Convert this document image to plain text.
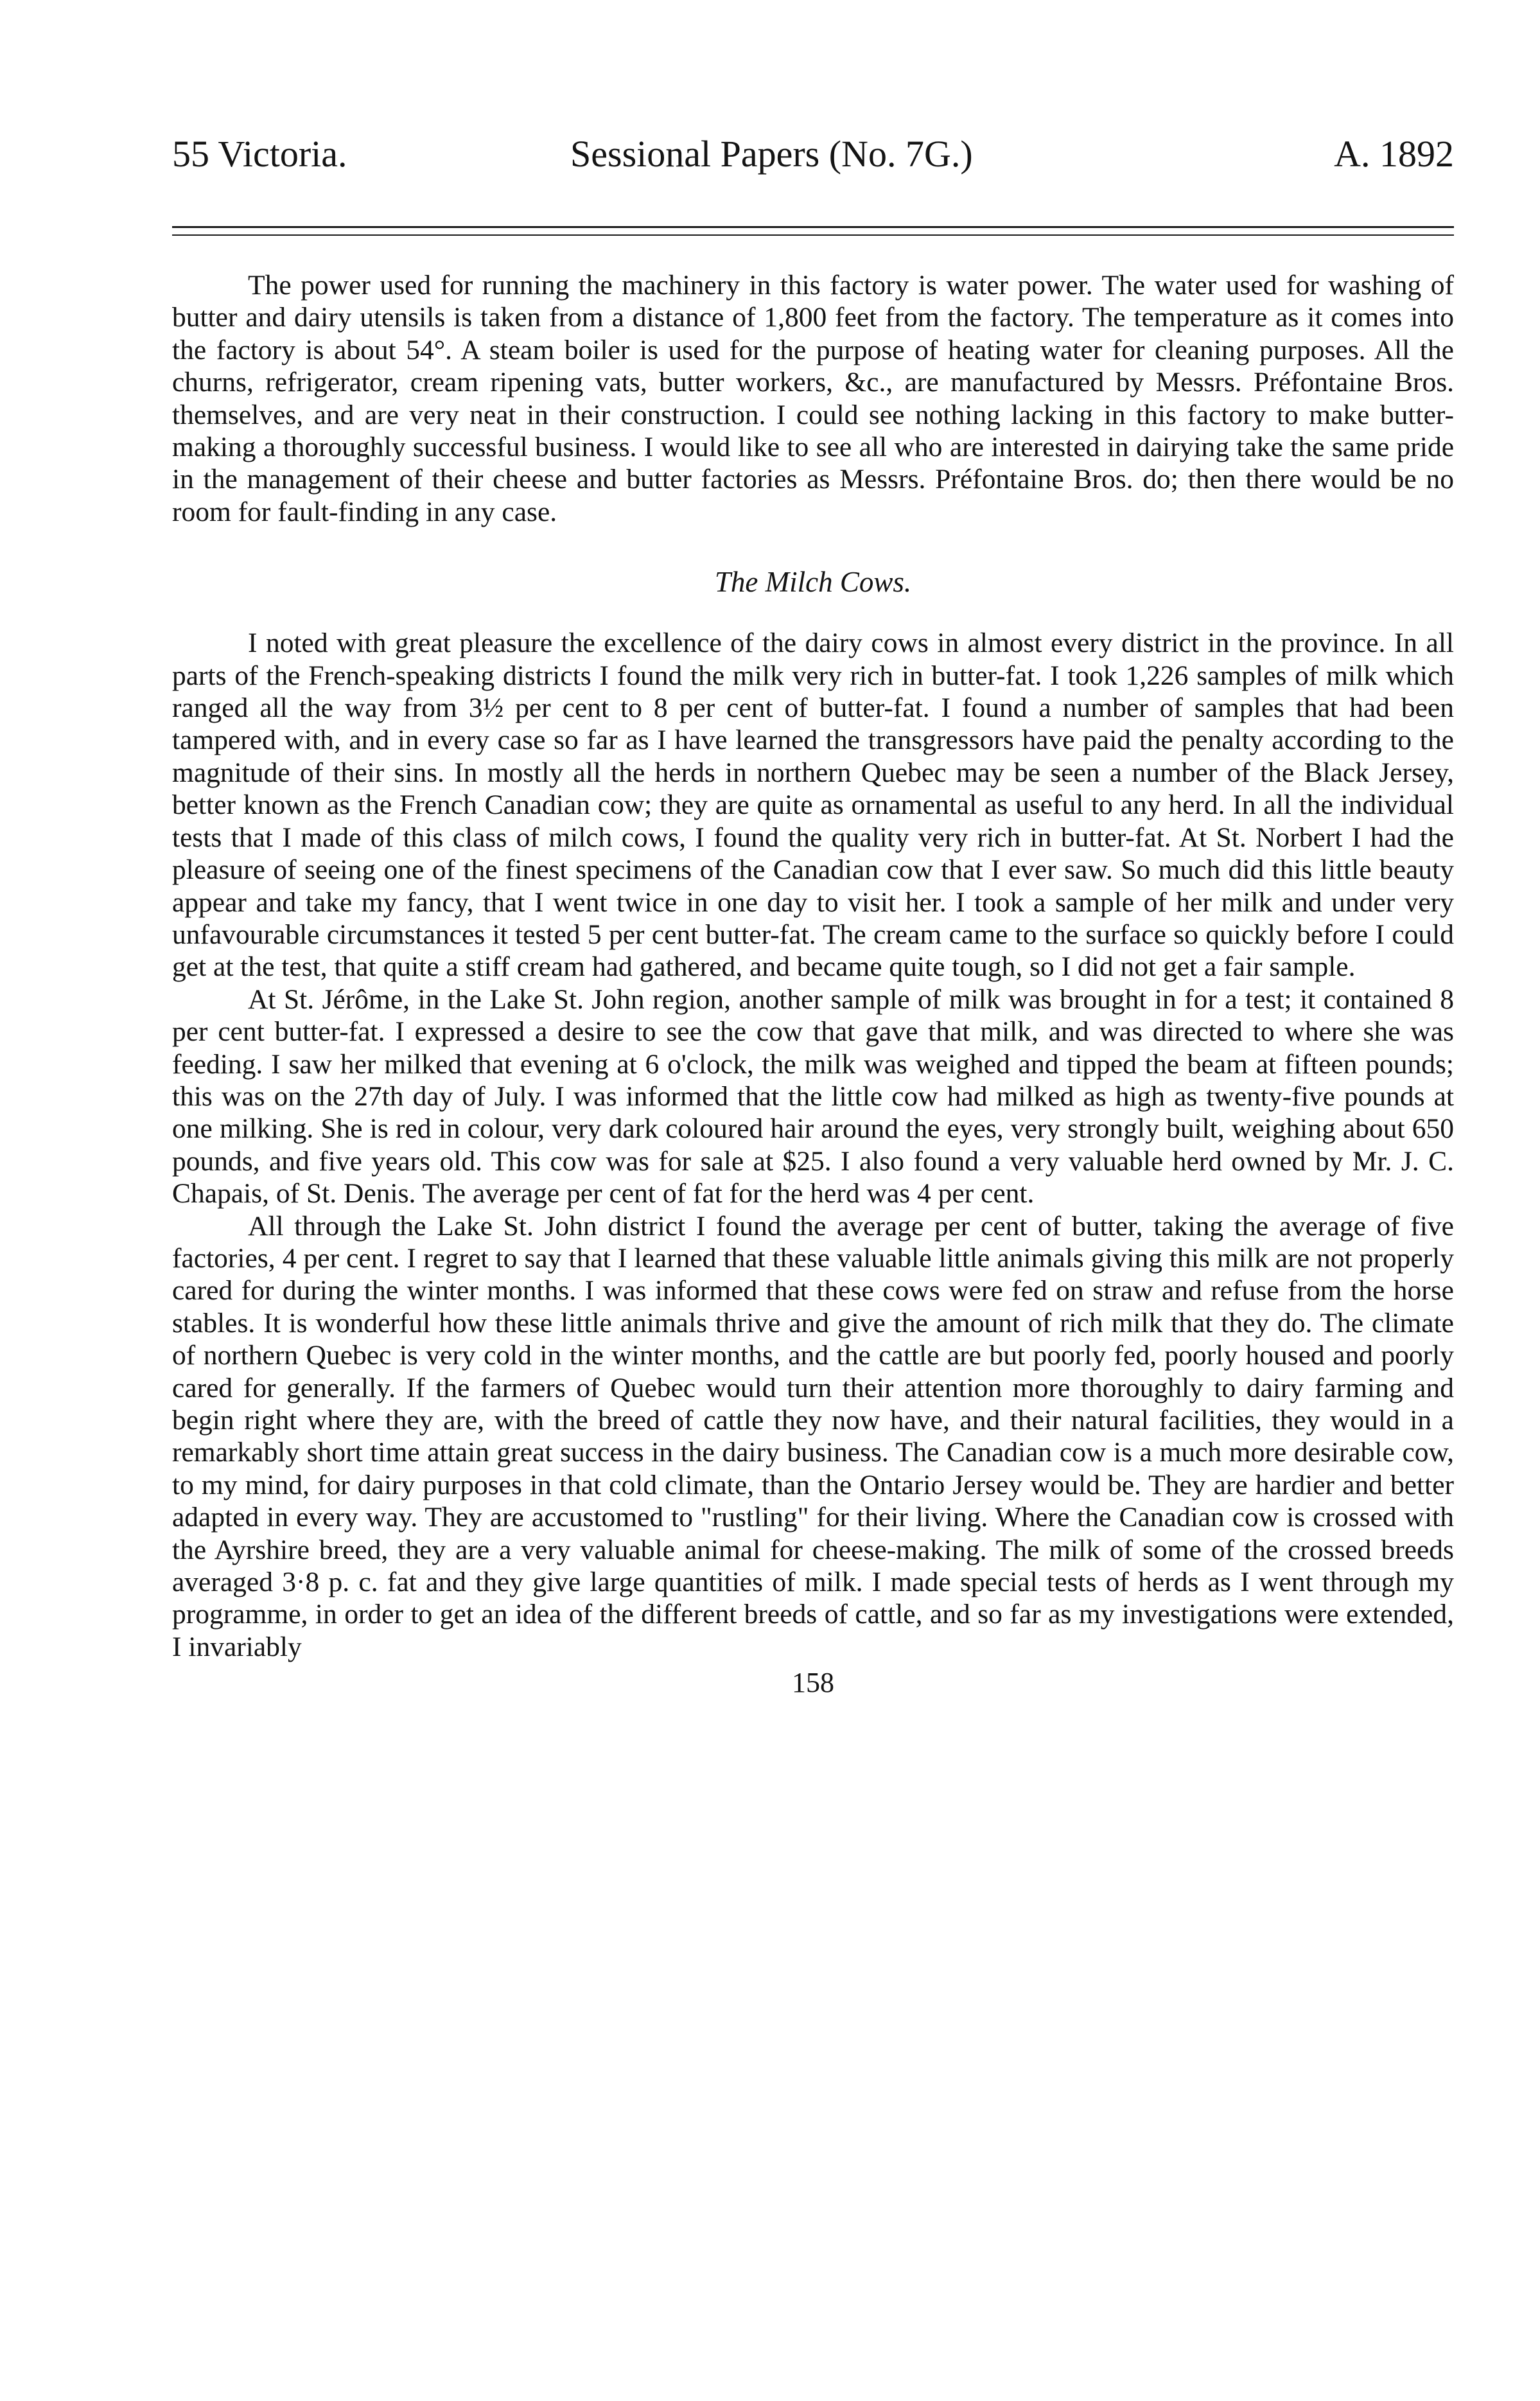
55 Victoria.	Sessional Papers (No. 7G.)	A. 1892

The power used for running the machinery in this factory is water power. The water used for washing of butter and dairy utensils is taken from a distance of 1,800 feet from the factory. The temperature as it comes into the factory is about 54°. A steam boiler is used for the purpose of heating water for cleaning purposes. All the churns, refrigerator, cream ripening vats, butter workers, &c., are manufactured by Messrs. Préfontaine Bros. themselves, and are very neat in their construction. I could see nothing lacking in this factory to make butter-making a thoroughly successful business. I would like to see all who are interested in dairying take the same pride in the management of their cheese and butter factories as Messrs. Préfontaine Bros. do; then there would be no room for fault-finding in any case.

The Milch Cows.

I noted with great pleasure the excellence of the dairy cows in almost every district in the province. In all parts of the French-speaking districts I found the milk very rich in butter-fat. I took 1,226 samples of milk which ranged all the way from 3½ per cent to 8 per cent of butter-fat. I found a number of samples that had been tampered with, and in every case so far as I have learned the transgressors have paid the penalty according to the magnitude of their sins. In mostly all the herds in northern Quebec may be seen a number of the Black Jersey, better known as the French Canadian cow; they are quite as ornamental as useful to any herd. In all the individual tests that I made of this class of milch cows, I found the quality very rich in butter-fat. At St. Norbert I had the pleasure of seeing one of the finest specimens of the Canadian cow that I ever saw. So much did this little beauty appear and take my fancy, that I went twice in one day to visit her. I took a sample of her milk and under very unfavourable circumstances it tested 5 per cent butter-fat. The cream came to the surface so quickly before I could get at the test, that quite a stiff cream had gathered, and became quite tough, so I did not get a fair sample.

At St. Jérôme, in the Lake St. John region, another sample of milk was brought in for a test; it contained 8 per cent butter-fat. I expressed a desire to see the cow that gave that milk, and was directed to where she was feeding. I saw her milked that evening at 6 o'clock, the milk was weighed and tipped the beam at fifteen pounds; this was on the 27th day of July. I was informed that the little cow had milked as high as twenty-five pounds at one milking. She is red in colour, very dark coloured hair around the eyes, very strongly built, weighing about 650 pounds, and five years old. This cow was for sale at $25. I also found a very valuable herd owned by Mr. J. C. Chapais, of St. Denis. The average per cent of fat for the herd was 4 per cent.

All through the Lake St. John district I found the average per cent of butter, taking the average of five factories, 4 per cent. I regret to say that I learned that these valuable little animals giving this milk are not properly cared for during the winter months. I was informed that these cows were fed on straw and refuse from the horse stables. It is wonderful how these little animals thrive and give the amount of rich milk that they do. The climate of northern Quebec is very cold in the winter months, and the cattle are but poorly fed, poorly housed and poorly cared for generally. If the farmers of Quebec would turn their attention more thoroughly to dairy farming and begin right where they are, with the breed of cattle they now have, and their natural facilities, they would in a remarkably short time attain great success in the dairy business. The Canadian cow is a much more desirable cow, to my mind, for dairy purposes in that cold climate, than the Ontario Jersey would be. They are hardier and better adapted in every way. They are accustomed to "rustling" for their living. Where the Canadian cow is crossed with the Ayrshire breed, they are a very valuable animal for cheese-making. The milk of some of the crossed breeds averaged 3·8 p. c. fat and they give large quantities of milk. I made special tests of herds as I went through my programme, in order to get an idea of the different breeds of cattle, and so far as my investigations were extended, I invariably

158
